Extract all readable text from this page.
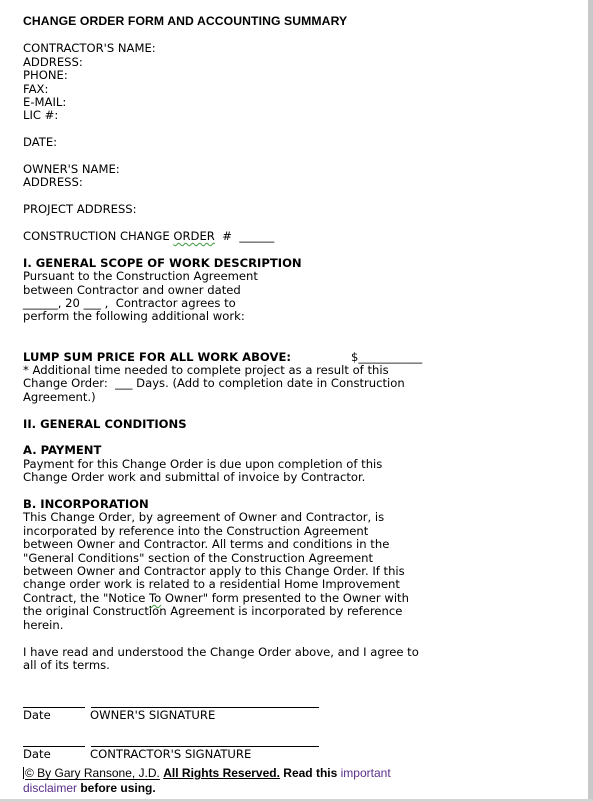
CHANGE ORDER FORM AND ACCOUNTING SUMMARY
CONTRACTOR'S NAME:
ADDRESS:
PHONE:
FAX:
E-MAIL:
LIC #:
DATE:
OWNER'S NAME:
ADDRESS:
PROJECT ADDRESS:
CONSTRUCTION CHANGE ORDER  #  ______
I. GENERAL SCOPE OF WORK DESCRIPTION
Pursuant to the Construction Agreement
between Contractor and owner dated
______, 20 ___ ,  Contractor agrees to
perform the following additional work:
LUMP SUM PRICE FOR ALL WORK ABOVE:	$___________
* Additional time needed to complete project as a result of this
Change Order:  ___ Days. (Add to completion date in Construction
Agreement.)
II. GENERAL CONDITIONS
A. PAYMENT
Payment for this Change Order is due upon completion of this
Change Order work and submittal of invoice by Contractor.
B. INCORPORATION
This Change Order, by agreement of Owner and Contractor, is
incorporated by reference into the Construction Agreement
between Owner and Contractor. All terms and conditions in the
"General Conditions" section of the Construction Agreement
between Owner and Contractor apply to this Change Order. If this
change order work is related to a residential Home Improvement
Contract, the "Notice To Owner" form presented to the Owner with
the original Construction Agreement is incorporated by reference
herein.
I have read and understood the Change Order above, and I agree to
all of its terms.
Date	OWNER'S SIGNATURE
Date	CONTRACTOR'S SIGNATURE
© By Gary Ransone, J.D. All Rights Reserved. Read this important
disclaimer before using.
